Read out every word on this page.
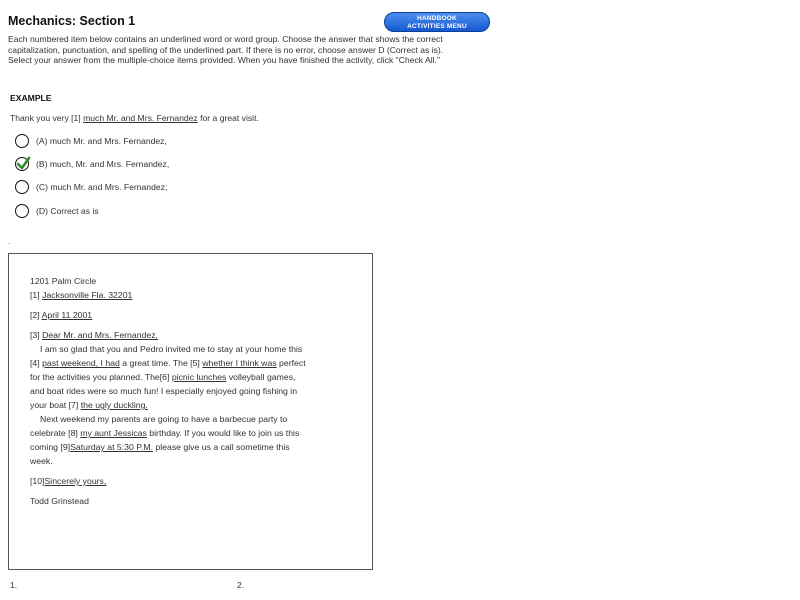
Mechanics: Section 1	HANDBOOK
ACTIVITIES MENU
Each numbered item below contains an underlined word or word group. Choose the answer that shows the correct capitalization, punctuation, and spelling of the underlined part. If there is no error, choose answer D (Correct as is). Select your answer from the multiple-choice items provided. When you have finished the activity, click "Check All."
EXAMPLE
Thank you very [1] much Mr. and Mrs. Fernandez for a great visit.
(A) much Mr. and Mrs. Fernandez,
(B) much, Mr. and Mrs. Fernandez,
(C) much Mr. and Mrs. Fernandez;
(D) Correct as is
.

1201 Palm Circle
[1] Jacksonville Fla. 32201

[2] April 11 2001

[3] Dear Mr. and Mrs. Fernandez,
I am so glad that you and Pedro invited me to stay at your home this
[4] past weekend, I had a great time. The [5] whether I think was perfect
for the activities you planned. The[6] picnic lunches volleyball games,
and boat rides were so much fun! I especially enjoyed going fishing in
your boat [7] the ugly duckling.
Next weekend my parents are going to have a barbecue party to
celebrate [8] my aunt Jessicas birthday. If you would like to join us this
coming [9]Saturday at 5:30 P.M. please give us a call sometime this
week.

[10]Sincerely yours,

Todd Grinstead

1.	2.
